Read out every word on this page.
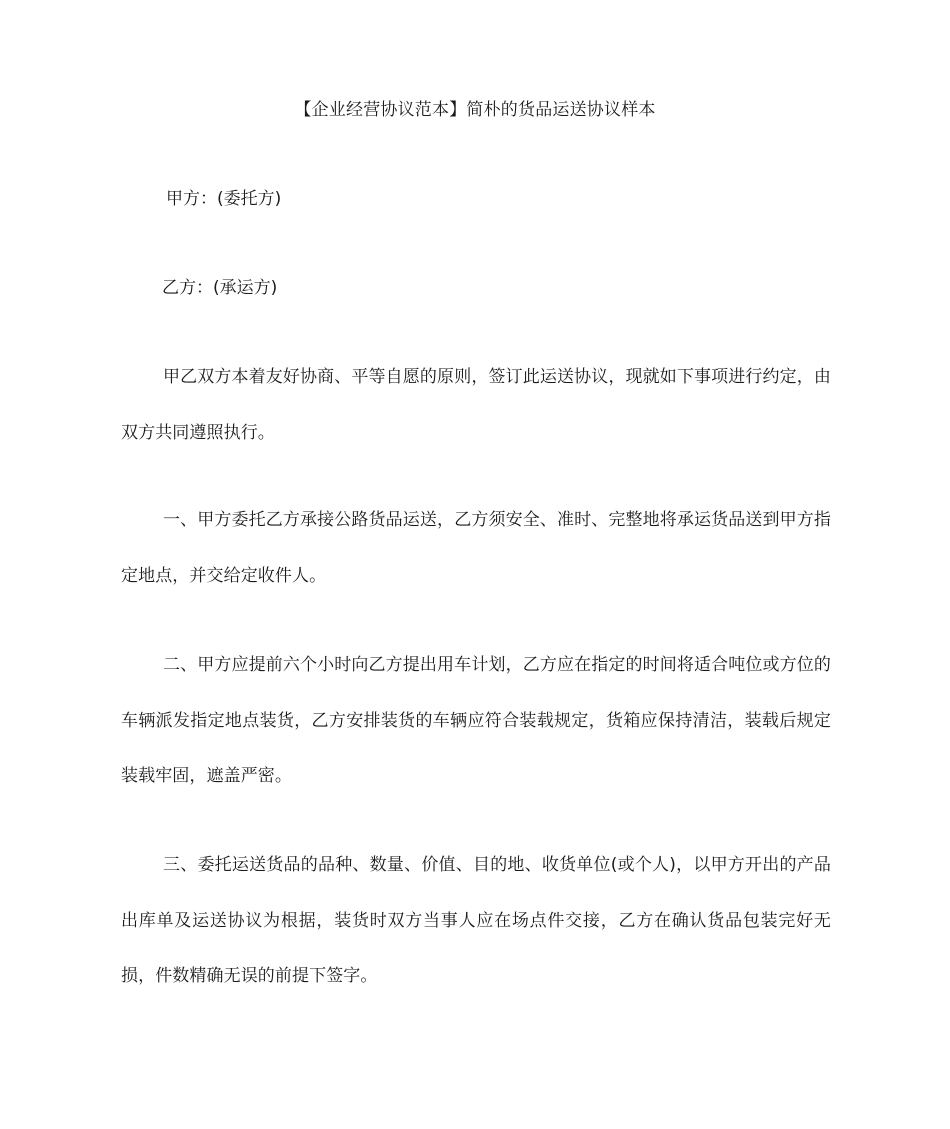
【企业经营协议范本】简朴的货品运送协议样本
甲方：(委托方)
乙方：(承运方)
甲乙双方本着友好协商、平等自愿的原则，签订此运送协议，现就如下事项进行约定，由双方共同遵照执行。
一、甲方委托乙方承接公路货品运送，乙方须安全、准时、完整地将承运货品送到甲方指定地点，并交给定收件人。
二、甲方应提前六个小时向乙方提出用车计划，乙方应在指定的时间将适合吨位或方位的车辆派发指定地点装货，乙方安排装货的车辆应符合装载规定，货箱应保持清洁，装载后规定装载牢固，遮盖严密。
三、委托运送货品的品种、数量、价值、目的地、收货单位(或个人)，以甲方开出的产品出库单及运送协议为根据，装货时双方当事人应在场点件交接，乙方在确认货品包装完好无损，件数精确无误的前提下签字。
